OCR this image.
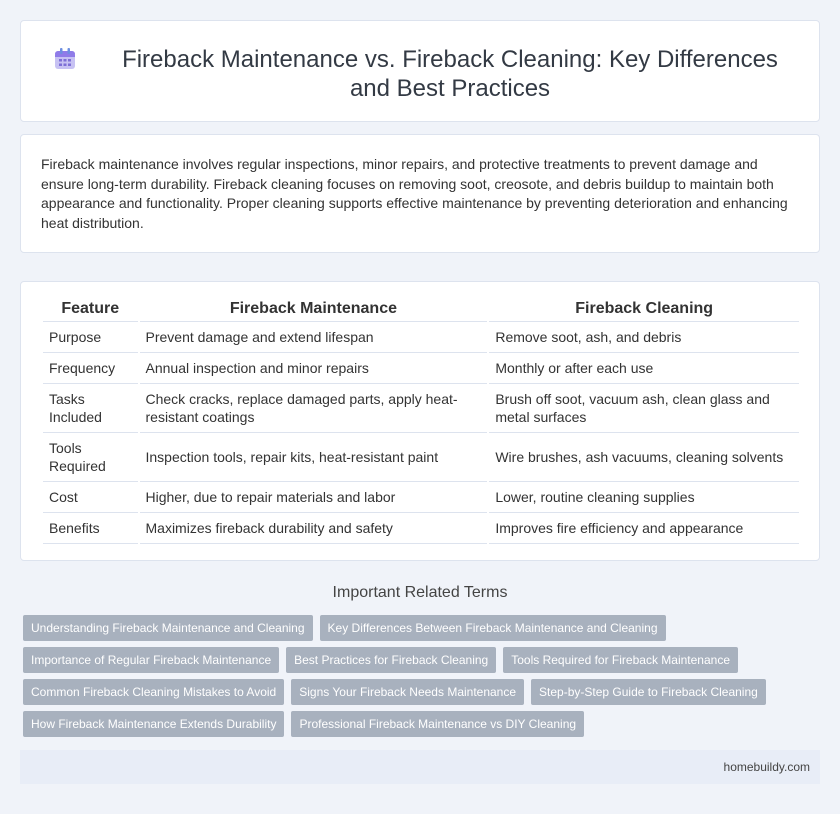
Fireback Maintenance vs. Fireback Cleaning: Key Differences and Best Practices

Fireback maintenance involves regular inspections, minor repairs, and protective treatments to prevent damage and ensure long-term durability. Fireback cleaning focuses on removing soot, creosote, and debris buildup to maintain both appearance and functionality. Proper cleaning supports effective maintenance by preventing deterioration and enhancing heat distribution.

Feature		Fireback Maintenance		Fireback Cleaning
Purpose		Prevent damage and extend lifespan		Remove soot, ash, and debris
Frequency		Annual inspection and minor repairs		Monthly or after each use
Tasks Included		Check cracks, replace damaged parts, apply heat-resistant coatings		Brush off soot, vacuum ash, clean glass and metal surfaces
Tools Required		Inspection tools, repair kits, heat-resistant paint		Wire brushes, ash vacuums, cleaning solvents
Cost		Higher, due to repair materials and labor		Lower, routine cleaning supplies
Benefits		Maximizes fireback durability and safety		Improves fire efficiency and appearance
Important Related Terms
Understanding Fireback Maintenance and Cleaning	Key Differences Between Fireback Maintenance and Cleaning
Importance of Regular Fireback Maintenance	Best Practices for Fireback Cleaning	Tools Required for Fireback Maintenance
Common Fireback Cleaning Mistakes to Avoid	Signs Your Fireback Needs Maintenance	Step-by-Step Guide to Fireback Cleaning
How Fireback Maintenance Extends Durability	Professional Fireback Maintenance vs DIY Cleaning
homebuildy.com
